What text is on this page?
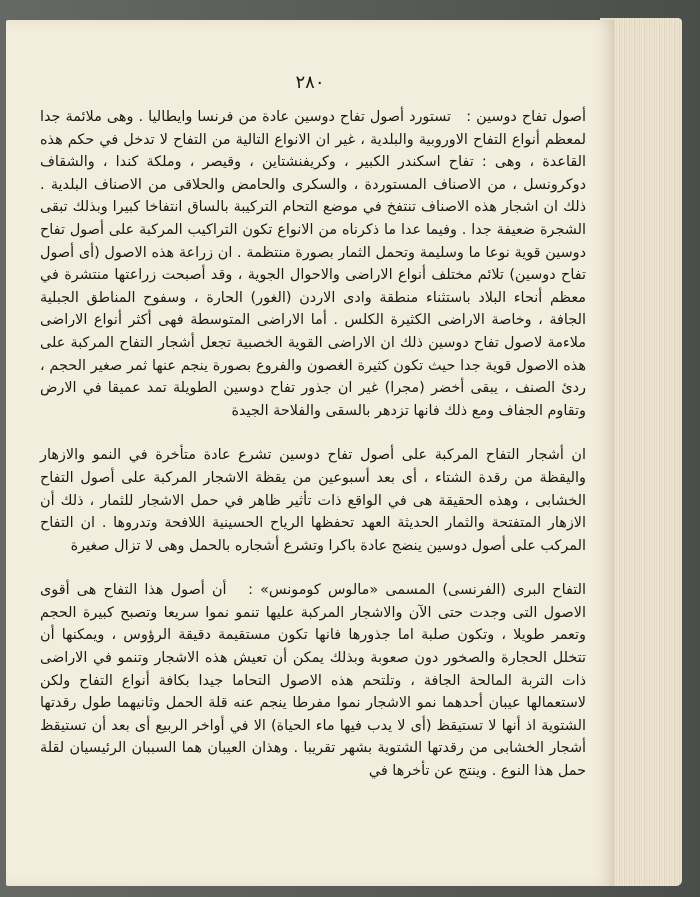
٢٨٠

أصول تفاح دوسين :   تستورد أصول تفاح دوسين عادة من فرنسا وايطاليا . وهى ملائمة جدا لمعظم أنواع التفاح الاوروبية والبلدية ، غير ان الانواع التالية من التفاح لا تدخل في حكم هذه القاعدة ، وهى : تفاح اسكندر الكبير ، وكريفنشتاين ، وقيصر ، وملكة كندا ، والشقاف دوكرونسل ، من الاصناف المستوردة ، والسكرى والحامض والحلاقى من الاصناف البلدية . ذلك ان اشجار هذه الاصناف تنتفخ في موضع التحام التركيبة بالساق انتفاخا كبيرا وبذلك تبقى الشجرة ضعيفة جدا . وفيما عدا ما ذكرناه من الانواع تكون التراكيب المركبة على أصول تفاح دوسين قوية نوعا ما وسليمة وتحمل الثمار بصورة منتظمة . ان زراعة هذه الاصول (أى أصول تفاح دوسين) تلائم مختلف أنواع الاراضى والاحوال الجوية ، وقد أصبحت زراعتها منتشرة في معظم أنحاء البلاد باستثناء منطقة وادى الاردن (الغور) الحارة ، وسفوح المناطق الجبلية الجافة ، وخاصة الاراضى الكثيرة الكلس . أما الاراضى المتوسطة فهى أكثر أنواع الاراضى ملاءمة لاصول تفاح دوسين ذلك ان الاراضى القوية الخصبية تجعل أشجار التفاح المركبة على هذه الاصول قوية جدا حيث تكون كثيرة الغصون والفروع بصورة ينجم عنها ثمر صغير الحجم ، ردئ الصنف ، يبقى أخضر (مجرا) غير ان جذور تفاح دوسين الطويلة تمد عميقا في الارض وتقاوم الجفاف ومع ذلك فانها تزدهر بالسقى والفلاحة الجيدة

ان أشجار التفاح المركبة على أصول تفاح دوسين تشرع عادة متأخرة في النمو والازهار واليقظة من رقدة الشتاء ، أى بعد أسبوعين من يقظة الاشجار المركبة على أصول التفاح الخشابى ، وهذه الحقيقة هى في الواقع ذات تأثير ظاهر في حمل الاشجار للثمار ، ذلك أن الازهار المتفتحة والثمار الحديثة العهد تحفظها الرياح الحسينية اللافحة وتدروها . ان التفاح المركب على أصول دوسين ينضج عادة باكرا وتشرع أشجاره بالحمل وهى لا تزال صغيرة

التفاح البرى (الفرنسى) المسمى «مالوس كومونس» :   أن أصول هذا التفاح هى أقوى الاصول التى وجدت حتى الآن والاشجار المركبة عليها تنمو نموا سريعا وتصبح كبيرة الحجم وتعمر طويلا ، وتكون صلبة اما جذورها فانها تكون مستقيمة دقيقة الرؤوس ، ويمكنها أن تتخلل الحجارة والصخور دون صعوبة وبذلك يمكن أن تعيش هذه الاشجار وتنمو في الاراضى ذات التربة المالحة الجافة ، وتلتحم هذه الاصول التحاما جيدا بكافة أنواع التفاح ولكن لاستعمالها عيبان أحدهما نمو الاشجار نموا مفرطا ينجم عنه قلة الحمل وثانيهما طول رقدتها الشتوية اذ أنها لا تستيقظ (أى لا يدب فيها ماء الحياة) الا في أواخر الربيع أى بعد أن تستيقظ أشجار الخشابى من رقدتها الشتوية بشهر تقريبا . وهذان العيبان هما السببان الرئيسيان لقلة حمل هذا النوع . وينتج عن تأخرها في
